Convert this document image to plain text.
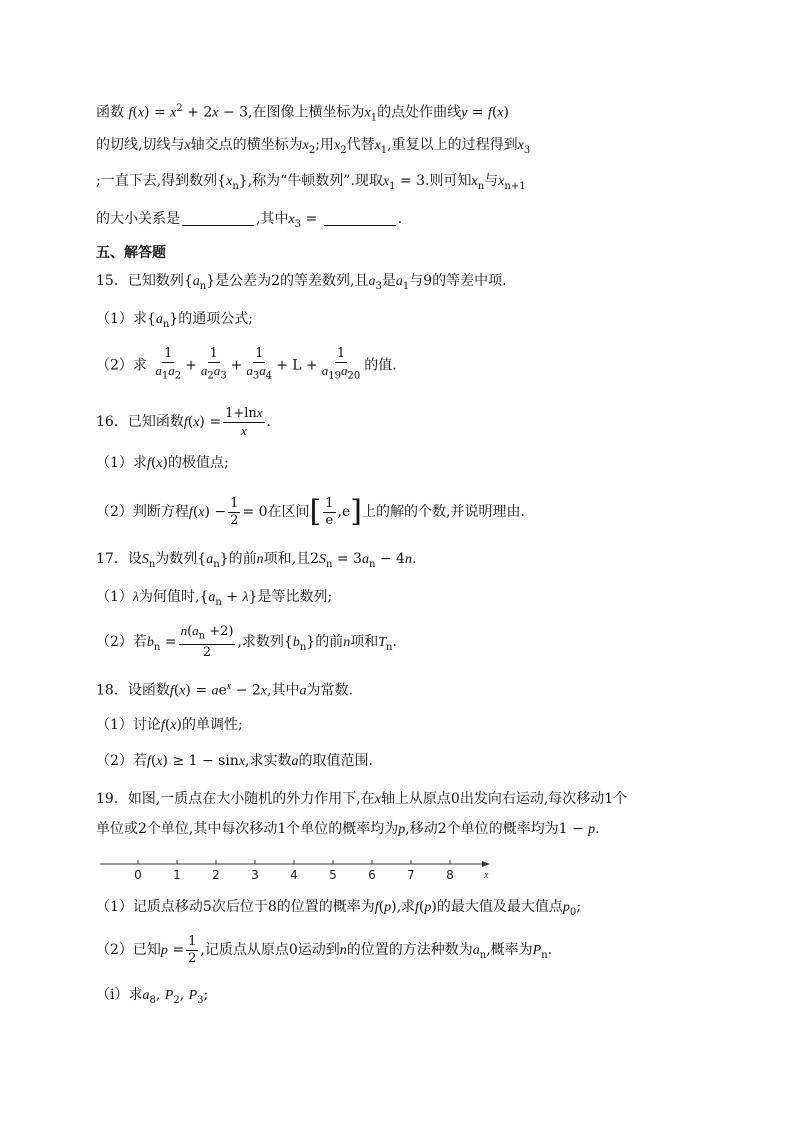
函数 $f(x) = x^2 + 2x - 3$,在图像上横坐标为$x_1$的点处作曲线y = f(x)
的切线,切线与x轴交点的横坐标为$x_2$;用$x_2$代替$x_1$,重复以上的过程得到$x_3$
;一直下去,得到数列$\{x_n\}$,称为“牛顿数列”.现取$x_1 = 3$.则可知$x_n$与$x_{n+1}$
的大小关系是	,其中$x_3$ =	.
五、解答题
15．已知数列$\{a_n\}$是公差为2的等差数列,且$a_3$是$a_1$与9的等差中项.
（1）求$\{a_n\}$的通项公式;
（2）求 $\frac{1}{a_1a_2} + \frac{1}{a_2a_3} + \frac{1}{a_3a_4} + L + \frac{1}{a_{19}a_{20}}$ 的值.
16．已知函数$f(x) = \frac{1+\ln x}{x}$ .
（1）求f(x)的极值点;
（2）判断方程$f(x) - \frac{1}{2} = 0$在区间[ $\frac{1}{e} ,e$]上的解的个数,并说明理由.
17．设$S_n$为数列$\{a_n\}$的前n项和,且$2S_n = 3a_n - 4n$.
（1）λ为何值时$,\{a_n + \lambda\}$是等比数列;
（2）若$b_n = \frac{n(a_n +2)}{2}$ ,求数列$\{b_n\}$的前n项和$T_n$.
18．设函数$f(x) = ae^x - 2x$,其中a为常数.
（1）讨论f(x)的单调性;
（2）若f(x) ≥ 1 − sinx,求实数a的取值范围.
19．如图,一质点在大小随机的外力作用下,在x轴上从原点0出发向右运动,每次移动1个
单位或2个单位,其中每次移动1个单位的概率均为p,移动2个单位的概率均为1 − p.
0	1	2	3	4	5	6	7	8	x
（1）记质点移动5次后位于8的位置的概率为f(p),求f(p)的最大值及最大值点$p_0$;
（2）已知$p = \frac{1}{2}$ ,记质点从原点0运动到n的位置的方法种数为$a_n$,概率为$P_n$.
（i）求$a_8$, $P_2$, $P_3$;
